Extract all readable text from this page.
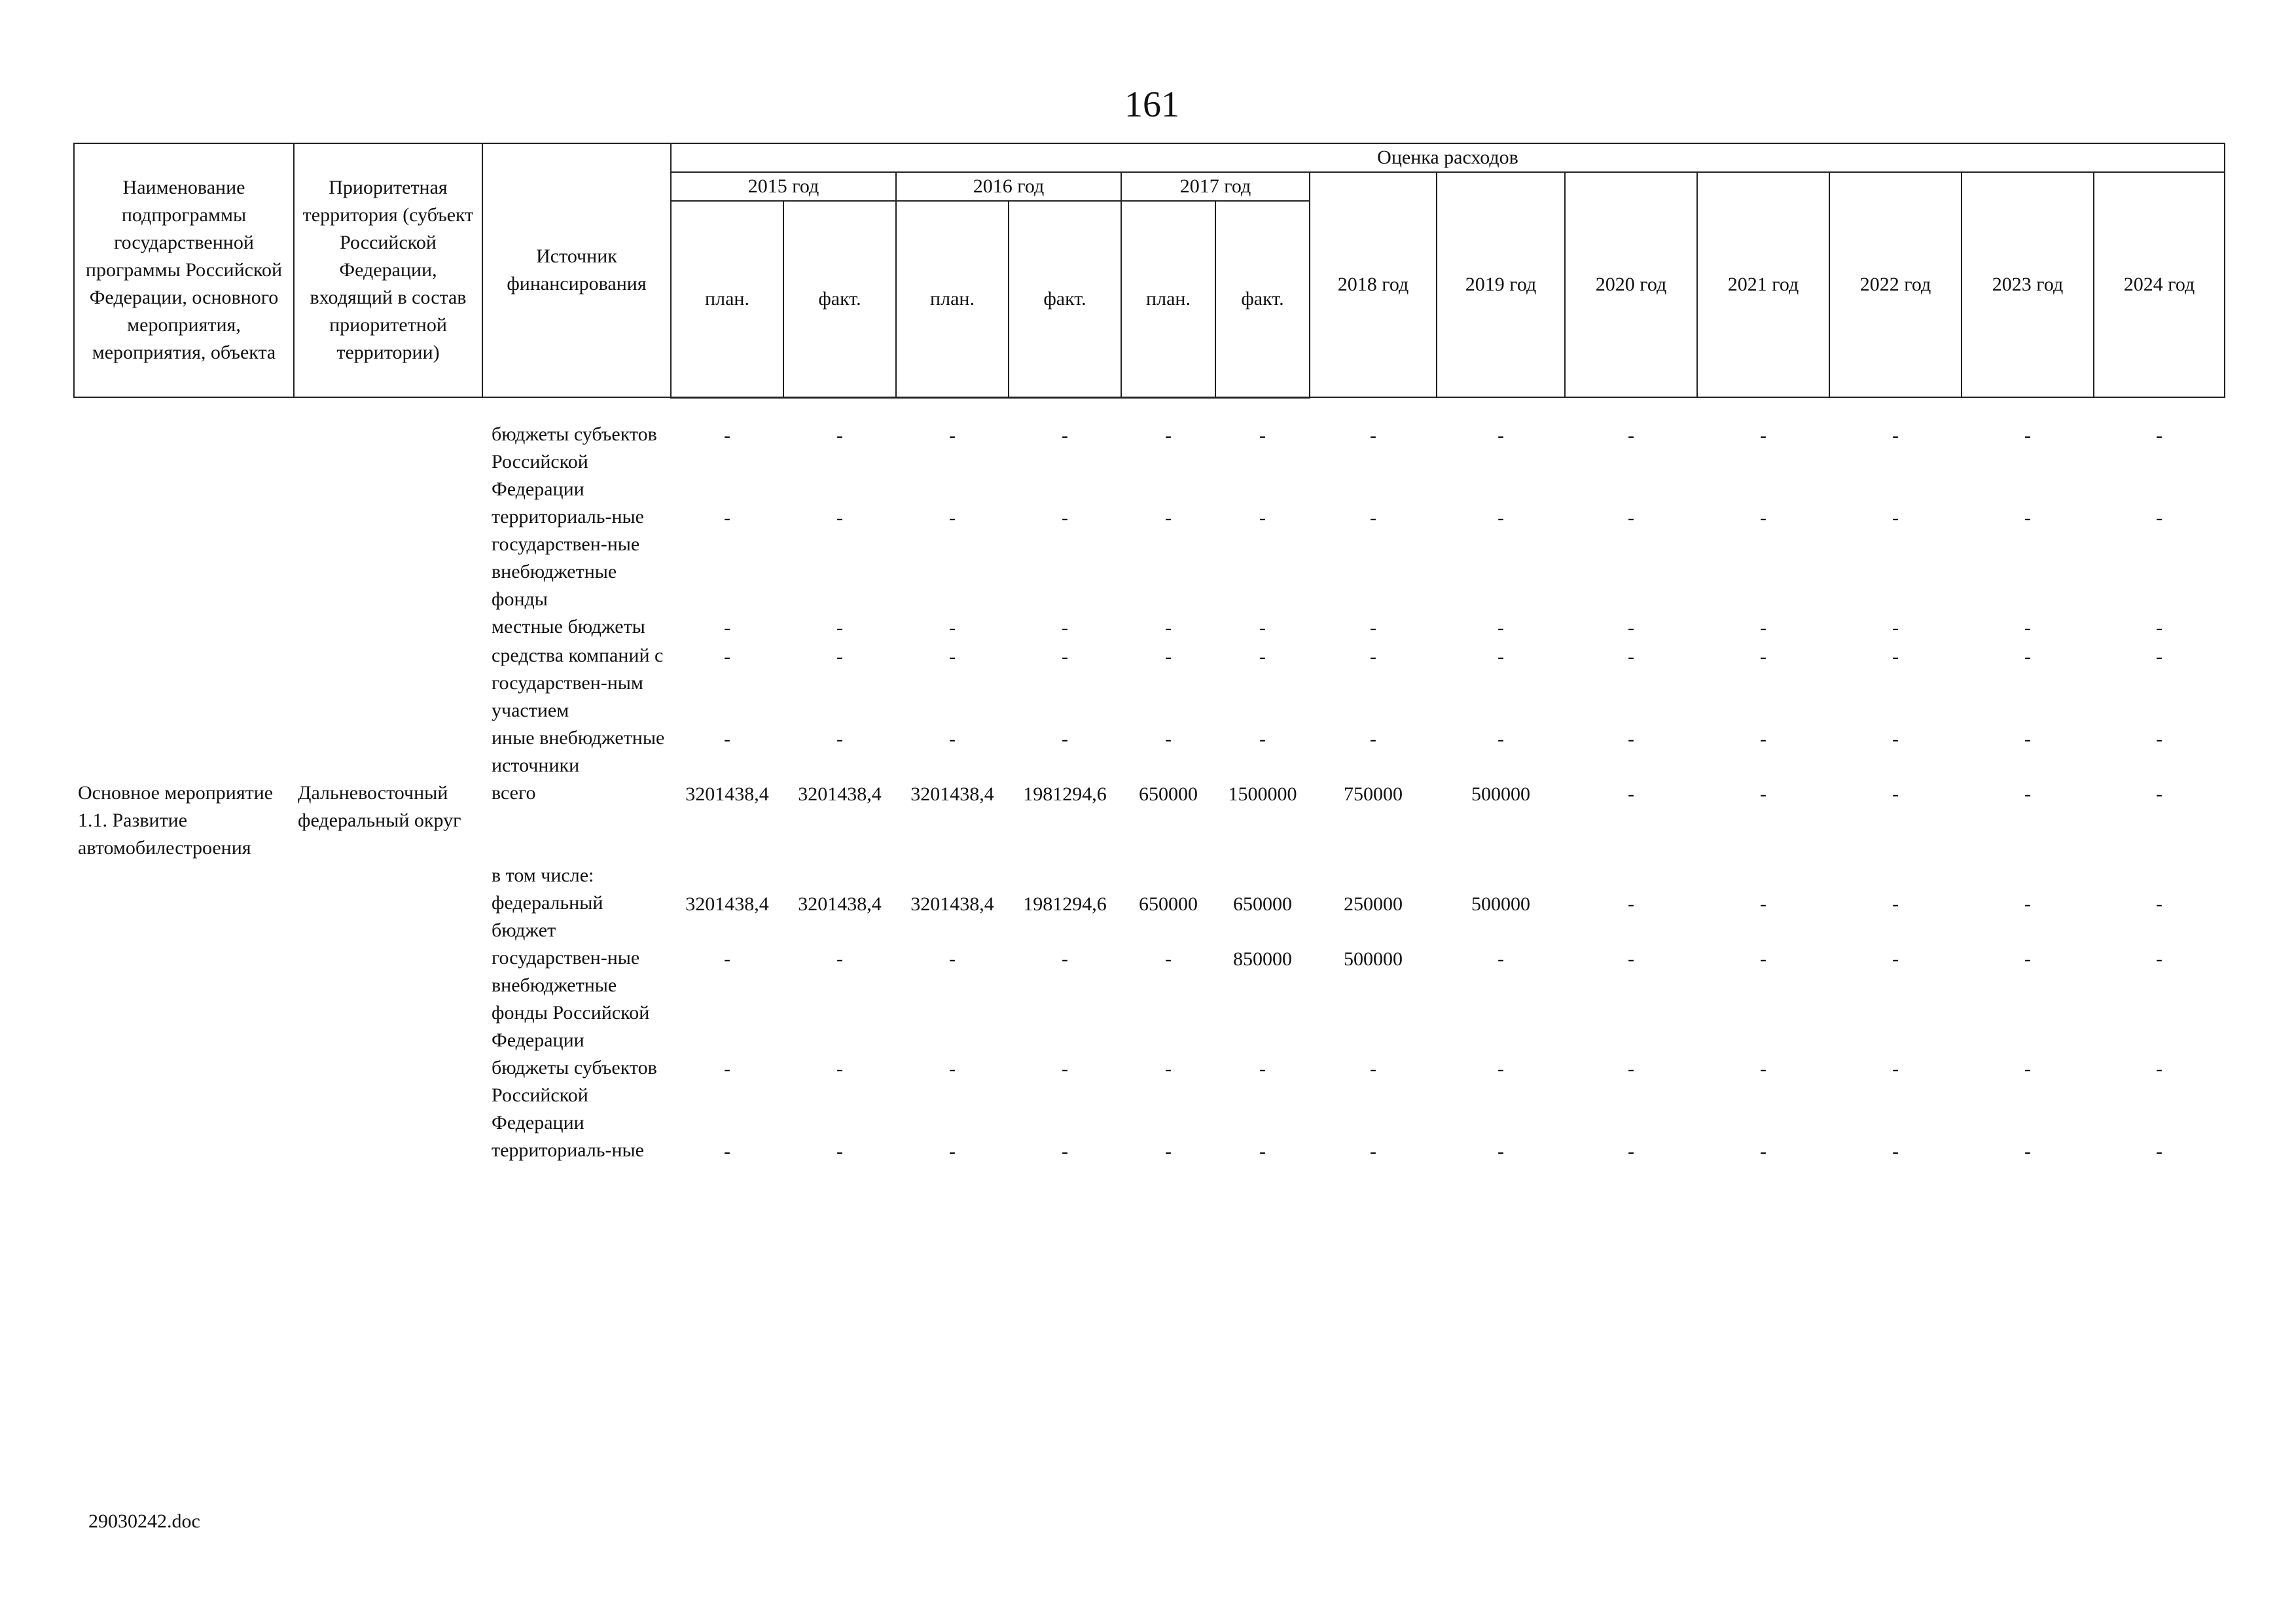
161
Наименование подпрограммы государственной программы Российской Федерации, основного мероприятия, мероприятия, объекта	Приоритетная территория (субъект Российской Федерации, входящий в состав приоритетной территории)	Источник финансирования	Оценка расходов												
			2015 год		2016 год		2017 год		2018 год	2019 год	2020 год	2021 год	2022 год	2023 год	2024 год
			план.	факт.	план.	факт.	план.	факт.							

		бюджеты субъектов Российской Федерации	-	-	-	-	-	-	-	-	-	-	-	-	-
		территориаль-ные государствен-ные внебюджетные фонды	-	-	-	-	-	-	-	-	-	-	-	-	-
		местные бюджеты	-	-	-	-	-	-	-	-	-	-	-	-	-
		средства компаний с государствен-ным участием	-	-	-	-	-	-	-	-	-	-	-	-	-
		иные внебюджетные источники	-	-	-	-	-	-	-	-	-	-	-	-	-
Основное мероприятие 1.1. Развитие автомобилестроения	Дальневосточный федеральный округ	всего	3201438,4	3201438,4	3201438,4	1981294,6	650000	1500000	750000	500000	-	-	-	-	-
		в том числе:													
		федеральный бюджет	3201438,4	3201438,4	3201438,4	1981294,6	650000	650000	250000	500000	-	-	-	-	-
		государствен-ные внебюджетные фонды Российской Федерации	-	-	-	-	-	850000	500000	-	-	-	-	-	-
		бюджеты субъектов Российской Федерации	-	-	-	-	-	-	-	-	-	-	-	-	-
		территориаль-ные	-	-	-	-	-	-	-	-	-	-	-	-	-
29030242.doc
